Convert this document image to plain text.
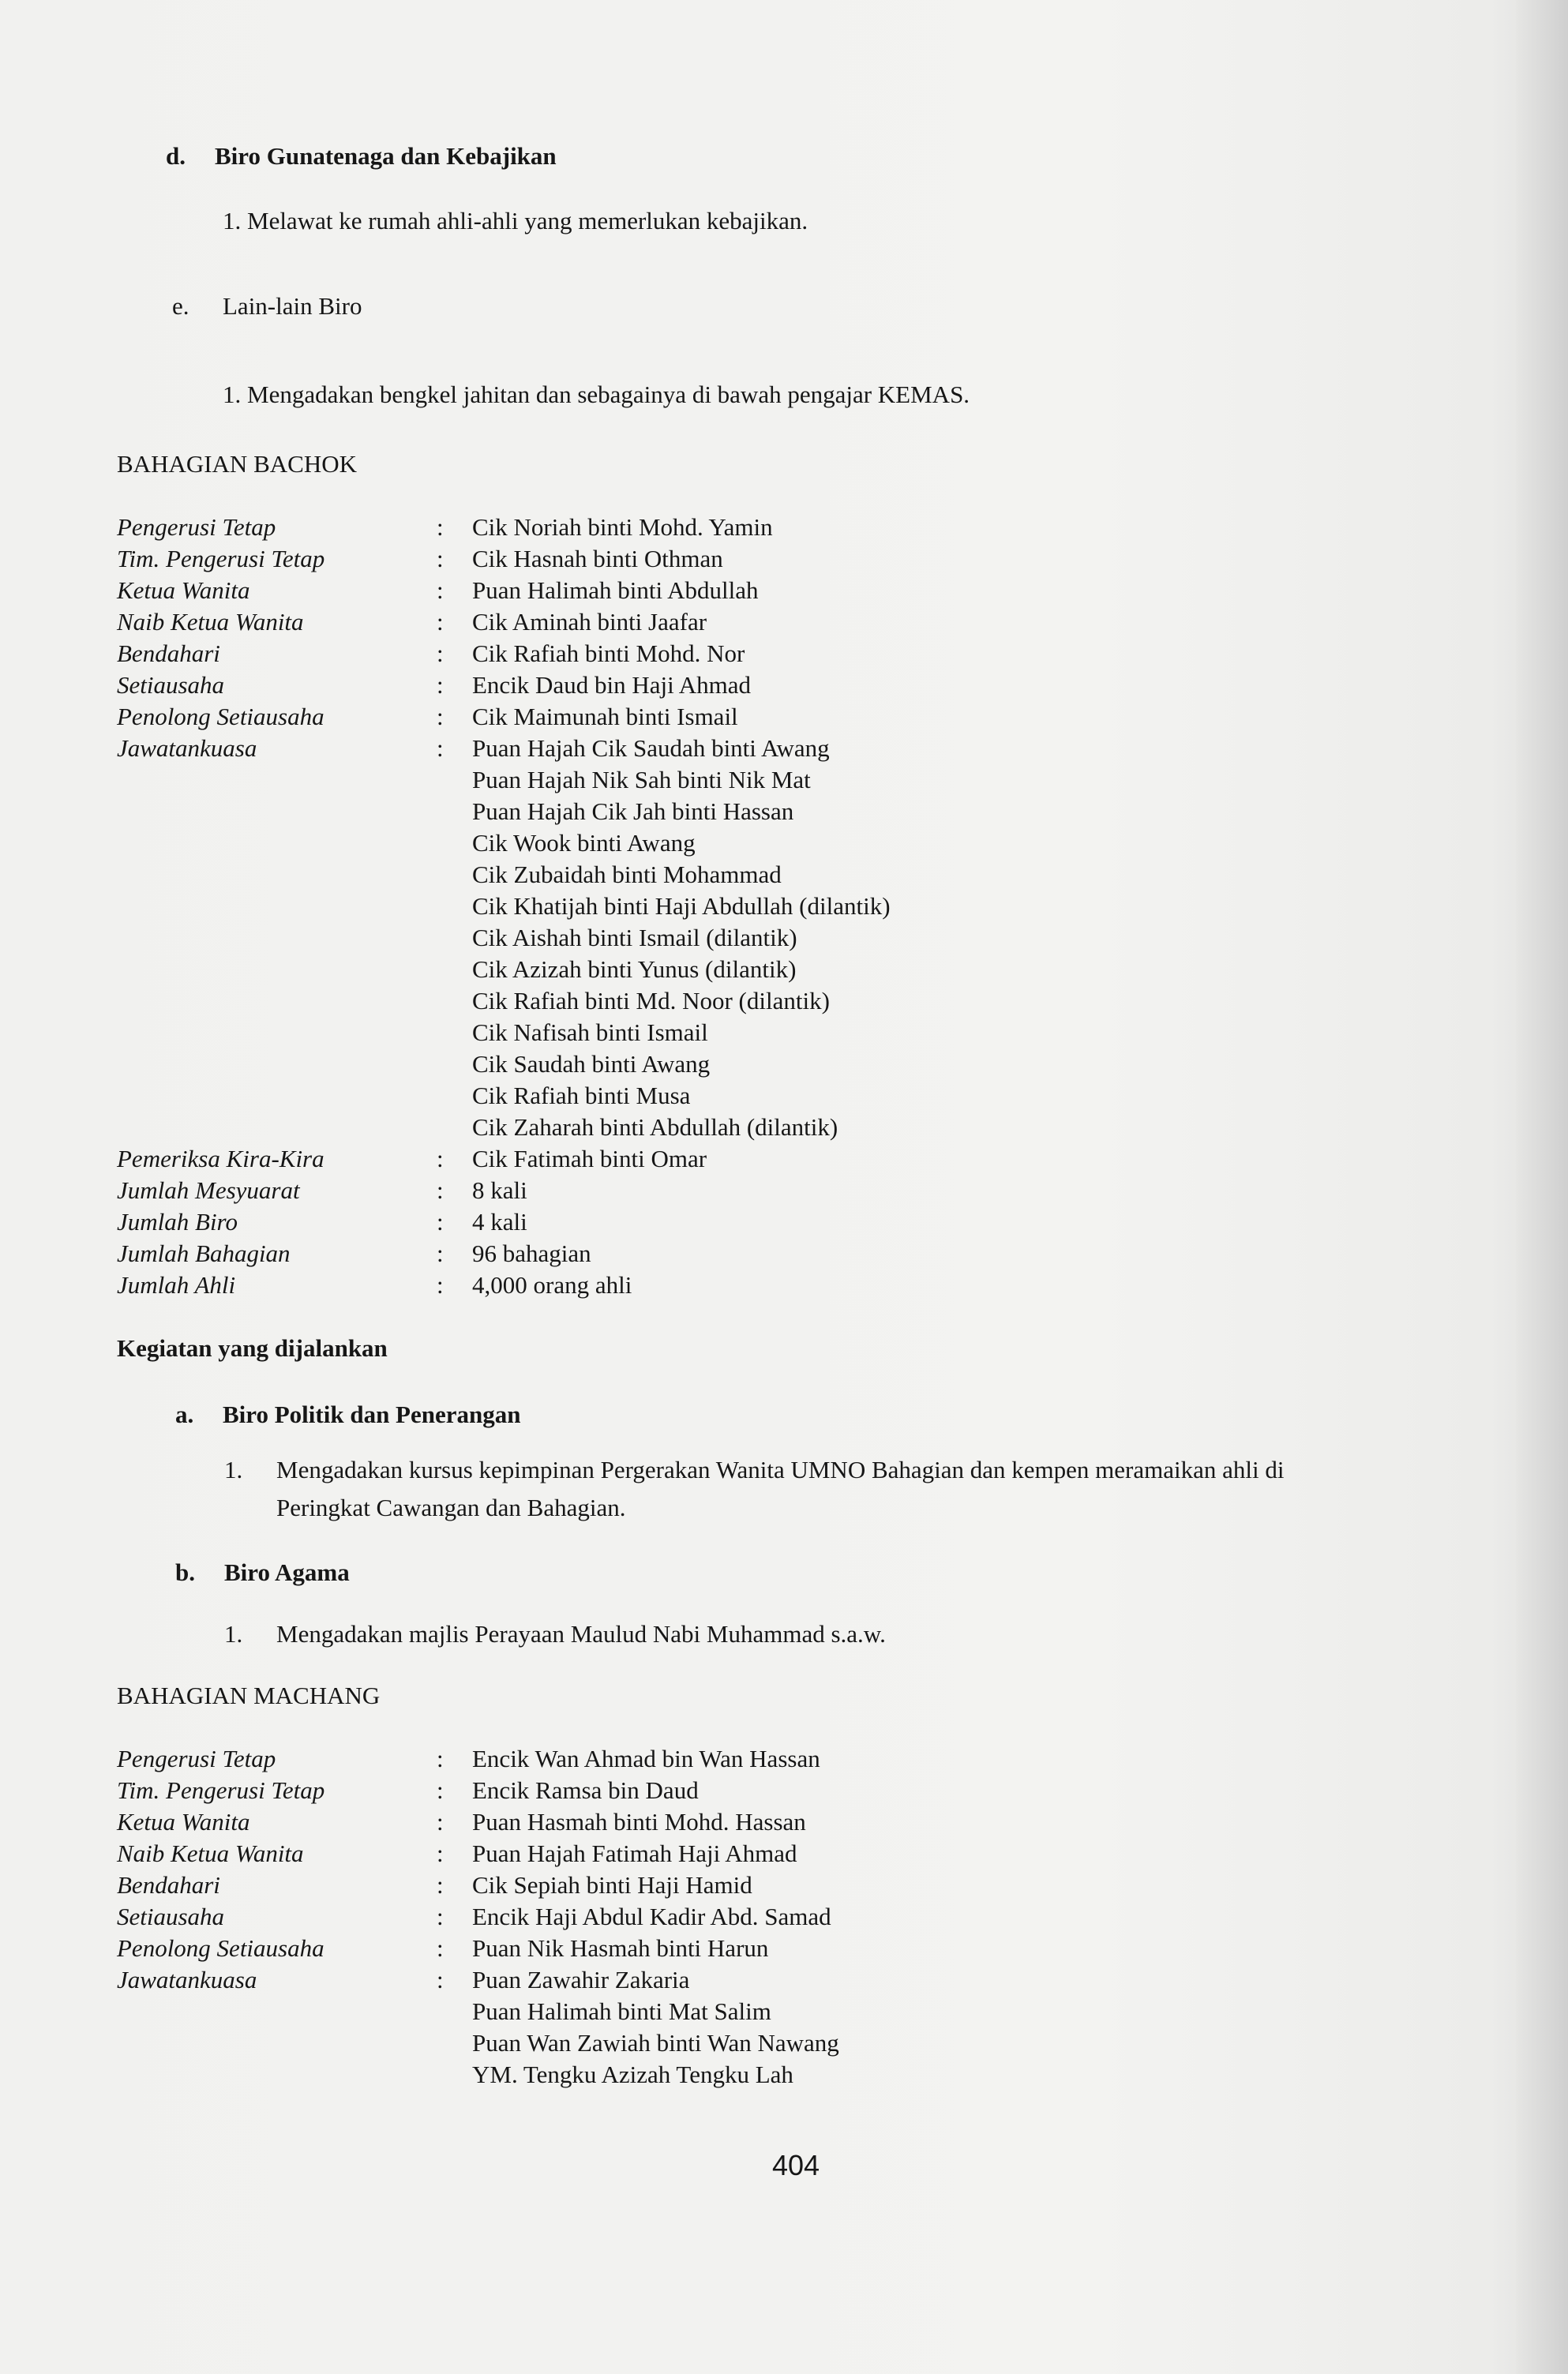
d. Biro Gunatenaga dan Kebajikan
1. Melawat ke rumah ahli-ahli yang memerlukan kebajikan.
e. Lain-lain Biro
1. Mengadakan bengkel jahitan dan sebagainya di bawah pengajar KEMAS.
BAHAGIAN BACHOK
Pengerusi Tetap	: Cik Noriah binti Mohd. Yamin
Tim. Pengerusi Tetap	: Cik Hasnah binti Othman
Ketua Wanita	: Puan Halimah binti Abdullah
Naib Ketua Wanita	: Cik Aminah binti Jaafar
Bendahari	: Cik Rafiah binti Mohd. Nor
Setiausaha	: Encik Daud bin Haji Ahmad
Penolong Setiausaha	: Cik Maimunah binti Ismail
Jawatankuasa	: Puan Hajah Cik Saudah binti Awang
Puan Hajah Nik Sah binti Nik Mat
Puan Hajah Cik Jah binti Hassan
Cik Wook binti Awang
Cik Zubaidah binti Mohammad
Cik Khatijah binti Haji Abdullah (dilantik)
Cik Aishah binti Ismail (dilantik)
Cik Azizah binti Yunus (dilantik)
Cik Rafiah binti Md. Noor (dilantik)
Cik Nafisah binti Ismail
Cik Saudah binti Awang
Cik Rafiah binti Musa
Cik Zaharah binti Abdullah (dilantik)
Pemeriksa Kira-Kira	: Cik Fatimah binti Omar
Jumlah Mesyuarat	: 8 kali
Jumlah Biro	: 4 kali
Jumlah Bahagian	: 96 bahagian
Jumlah Ahli	: 4,000 orang ahli
Kegiatan yang dijalankan
a. Biro Politik dan Penerangan
1. Mengadakan kursus kepimpinan Pergerakan Wanita UMNO Bahagian dan kempen meramaikan ahli di
Peringkat Cawangan dan Bahagian.
b. Biro Agama
1. Mengadakan majlis Perayaan Maulud Nabi Muhammad s.a.w.
BAHAGIAN MACHANG
Pengerusi Tetap	: Encik Wan Ahmad bin Wan Hassan
Tim. Pengerusi Tetap	: Encik Ramsa bin Daud
Ketua Wanita	: Puan Hasmah binti Mohd. Hassan
Naib Ketua Wanita	: Puan Hajah Fatimah Haji Ahmad
Bendahari	: Cik Sepiah binti Haji Hamid
Setiausaha	: Encik Haji Abdul Kadir Abd. Samad
Penolong Setiausaha	: Puan Nik Hasmah binti Harun
Jawatankuasa	: Puan Zawahir Zakaria
Puan Halimah binti Mat Salim
Puan Wan Zawiah binti Wan Nawang
YM. Tengku Azizah Tengku Lah
404
